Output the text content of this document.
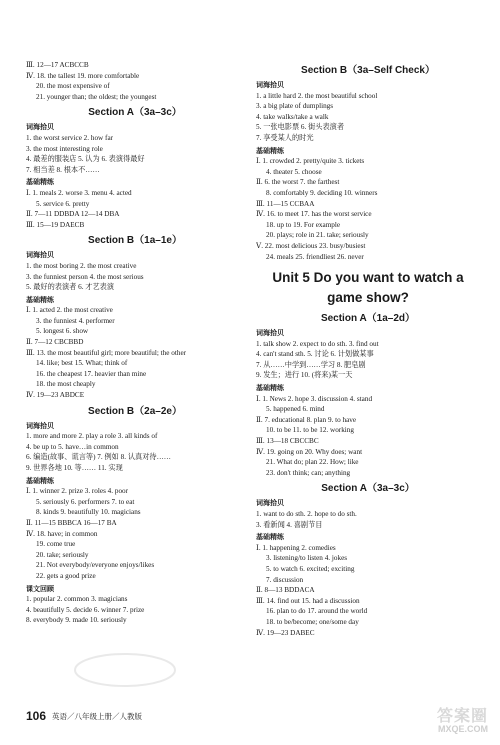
Ⅲ. 12—17 ACBCCB
Ⅳ. 18. the tallest 19. more comfortable
20. the most expensive of
21. younger than; the oldest; the youngest
Section A（3a–3c）
词海拾贝
1. the worst service 2. how far
3. the most interesting role
4. 最差的服装店 5. 认为 6. 表演得最好
7. 相当差 8. 根本不……
基础精练
Ⅰ. 1. meals 2. worse 3. menu 4. acted
5. service 6. pretty
Ⅱ. 7—11 DDBDA 12—14 DBA
Ⅲ. 15—19 DAECB
Section B（1a–1e）
词海拾贝
1. the most boring 2. the most creative
3. the funniest person 4. the most serious
5. 最好的表演者 6. 才艺表演
基础精练
Ⅰ. 1. acted 2. the most creative
3. the funniest 4. performer
5. longest 6. show
Ⅱ. 7—12 CBCBBD
Ⅲ. 13. the most beautiful girl; more beautiful; the other
14. like; best 15. What; think of
16. the cheapest 17. heavier than mine
18. the most cheaply
Ⅳ. 19—23 ABDCE
Section B（2a–2e）
词海拾贝
1. more and more 2. play a role 3. all kinds of
4. be up to 5. have…in common
6. 编造(故事、谎言等) 7. 例如 8. 认真对待……
9. 世界各地 10. 等…… 11. 实现
基础精练
Ⅰ. 1. winner 2. prize 3. roles 4. poor
5. seriously 6. performers 7. to eat
8. kinds 9. beautifully 10. magicians
Ⅱ. 11—15 BBBCA 16—17 BA
Ⅳ. 18. have; in common
19. come true
20. take; seriously
21. Not everybody/everyone enjoys/likes
22. gets a good prize
课文回顾
1. popular 2. common 3. magicians
4. beautifully 5. decide 6. winner 7. prize
8. everybody 9. made 10. seriously
Section B（3a–Self Check）
词海拾贝
1. a little hard 2. the most beautiful school
3. a big plate of dumplings
4. take walks/take a walk
5. 一张电影票 6. 街头表演者
7. 享受某人的时光
基础精练
Ⅰ. 1. crowded 2. pretty/quite 3. tickets
4. theater 5. choose
Ⅱ. 6. the worst 7. the farthest
8. comfortably 9. deciding 10. winners
Ⅲ. 11—15 CCBAA
Ⅳ. 16. to meet 17. has the worst service
18. up to 19. For example
20. plays; role in 21. take; seriously
Ⅴ. 22. most delicious 23. busy/busiest
24. meals 25. friendliest 26. never
Unit 5 Do you want to watch a game show?
Section A（1a–2d）
词海拾贝
1. talk show 2. expect to do sth. 3. find out
4. can't stand sth. 5. 讨论 6. 计划做某事
7. 从……中学到……学习 8. 肥皂剧
9. 发生；进行 10. (将来)某一天
基础精练
Ⅰ. 1. News 2. hope 3. discussion 4. stand
5. happened 6. mind
Ⅱ. 7. educational 8. plan 9. to have
10. to be 11. to be 12. working
Ⅲ. 13—18 CBCCBC
Ⅳ. 19. going on 20. Why does; want
21. What do; plan 22. How; like
23. don't think; can; anything
Section A（3a–3c）
词海拾贝
1. want to do sth. 2. hope to do sth.
3. 看新闻 4. 喜剧节目
基础精练
Ⅰ. 1. happening 2. comedies
3. listening/to listen 4. jokes
5. to watch 6. excited; exciting
7. discussion
Ⅱ. 8—13 BDDACA
Ⅲ. 14. find out 15. had a discussion
16. plan to do 17. around the world
18. to be/become; one/some day
Ⅳ. 19—23 DABEC
106 英语／八年级上册／人教版	答案圈
MXQE.COM
